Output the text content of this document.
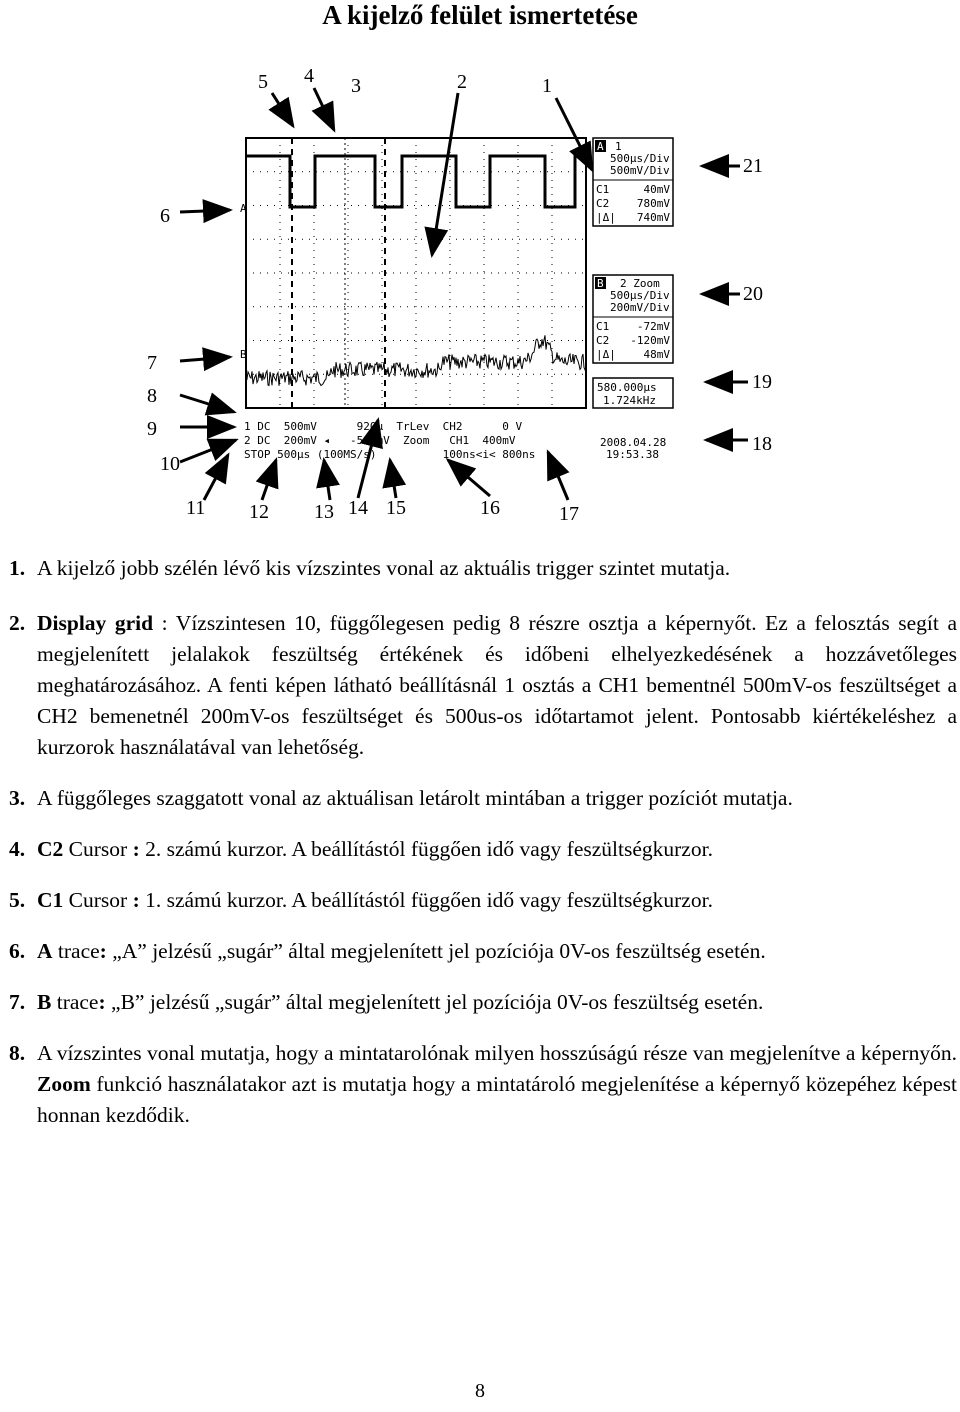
A kijelző felület ismertetése
A
B
A 1
500µs/Div
500mV/Div
C1	40mV
C2	780mV
|Δ| 740mV
B 2 Zoom
500µs/Div
200mV/Div
C1	-72mV
C2 -120mV
|Δ|	48mV
580.000µs
1.724kHz
2008.04.28
19:53.38
1 DC  500mV      920µ  TrLev  CH2      0 V
2 DC  200mV ◂   -512mV  Zoom   CH1  400mV
STOP 500µs (100MS/s)          100ns<i< 800ns
5 4 3	2	1
6
7
8
9
10
21
20
19
18
11 12 13 14 15	16	17
1. A kijelző jobb szélén lévő kis vízszintes vonal az aktuális trigger szintet mutatja.
2. Display grid : Vízszintesen 10, függőlegesen pedig 8 részre osztja a képernyőt. Ez a felosztás segít a megjelenített jelalakok feszültség értékének és időbeni elhelyezkedésének a hozzávetőleges meghatározásához. A fenti képen látható beállításnál 1 osztás a CH1 bementnél 500mV-os feszültséget a CH2 bemenetnél 200mV-os feszültséget és 500us-os időtartamot jelent. Pontosabb kiértékeléshez a kurzorok használatával van lehetőség.
3. A függőleges szaggatott vonal az aktuálisan letárolt mintában a trigger pozíciót mutatja.
4. C2 Cursor : 2. számú kurzor. A beállítástól függően idő vagy feszültségkurzor.
5. C1 Cursor : 1. számú kurzor. A beállítástól függően idő vagy feszültségkurzor.
6. A trace: „A” jelzésű „sugár” által megjelenített jel pozíciója 0V-os feszültség esetén.
7. B trace: „B” jelzésű „sugár” által megjelenített jel pozíciója 0V-os feszültség esetén.
8. A vízszintes vonal mutatja, hogy a mintatarolónak milyen hosszúságú része van megjelenítve a képernyőn. Zoom funkció használatakor azt is mutatja hogy a mintatároló megjelenítése a képernyő közepéhez képest honnan kezdődik.
8
